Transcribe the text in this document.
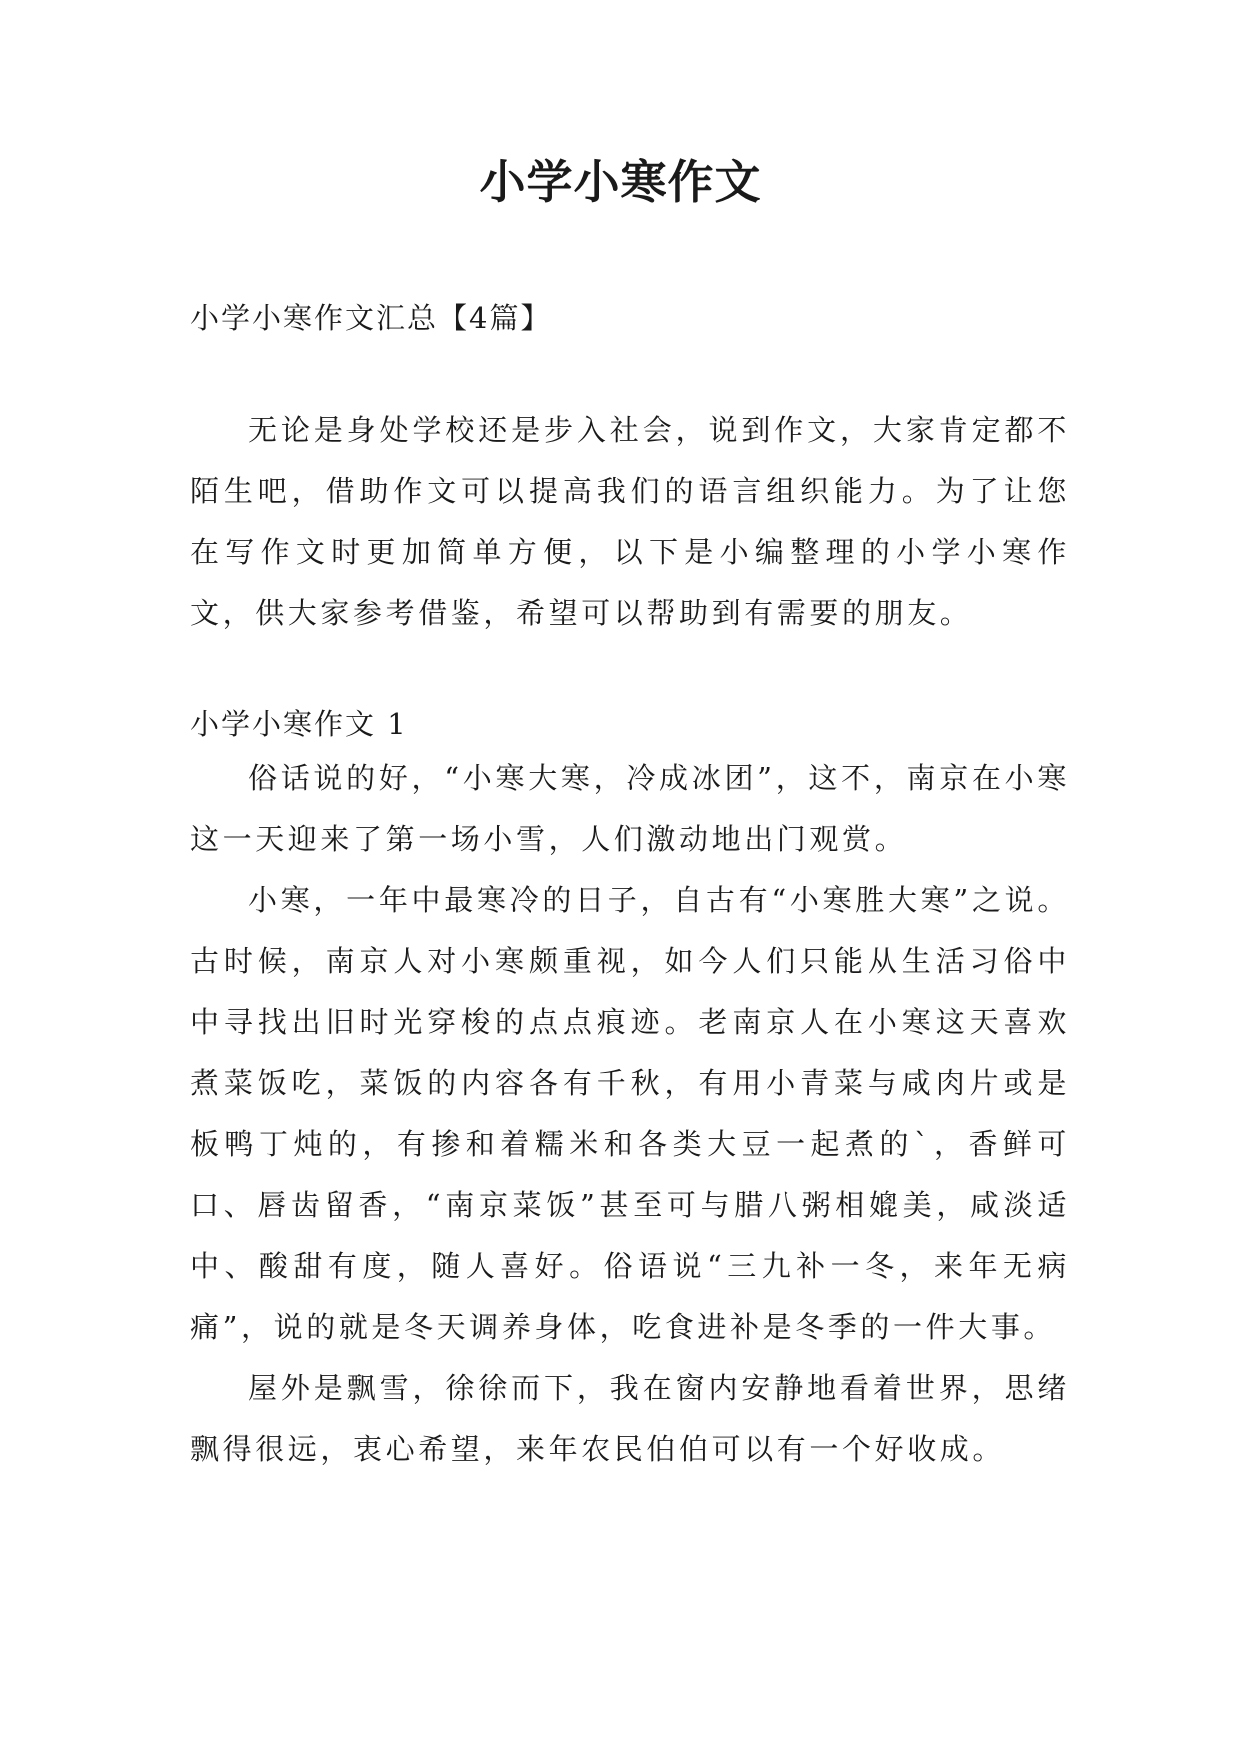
小学小寒作文

小学小寒作文汇总【4篇】

无论是身处学校还是步入社会，说到作文，大家肯定都不陌生吧，借助作文可以提高我们的语言组织能力。为了让您在写作文时更加简单方便，以下是小编整理的小学小寒作文，供大家参考借鉴，希望可以帮助到有需要的朋友。

小学小寒作文 1

俗话说的好，“小寒大寒，冷成冰团”，这不，南京在小寒这一天迎来了第一场小雪，人们激动地出门观赏。

小寒，一年中最寒冷的日子，自古有“小寒胜大寒”之说。古时候，南京人对小寒颇重视，如今人们只能从生活习俗中中寻找出旧时光穿梭的点点痕迹。老南京人在小寒这天喜欢煮菜饭吃，菜饭的内容各有千秋，有用小青菜与咸肉片或是板鸭丁炖的，有掺和着糯米和各类大豆一起煮的`，香鲜可口、唇齿留香，“南京菜饭”甚至可与腊八粥相媲美，咸淡适中、酸甜有度，随人喜好。俗语说“三九补一冬，来年无病痛”，说的就是冬天调养身体，吃食进补是冬季的一件大事。

屋外是飘雪，徐徐而下，我在窗内安静地看着世界，思绪飘得很远，衷心希望，来年农民伯伯可以有一个好收成。
